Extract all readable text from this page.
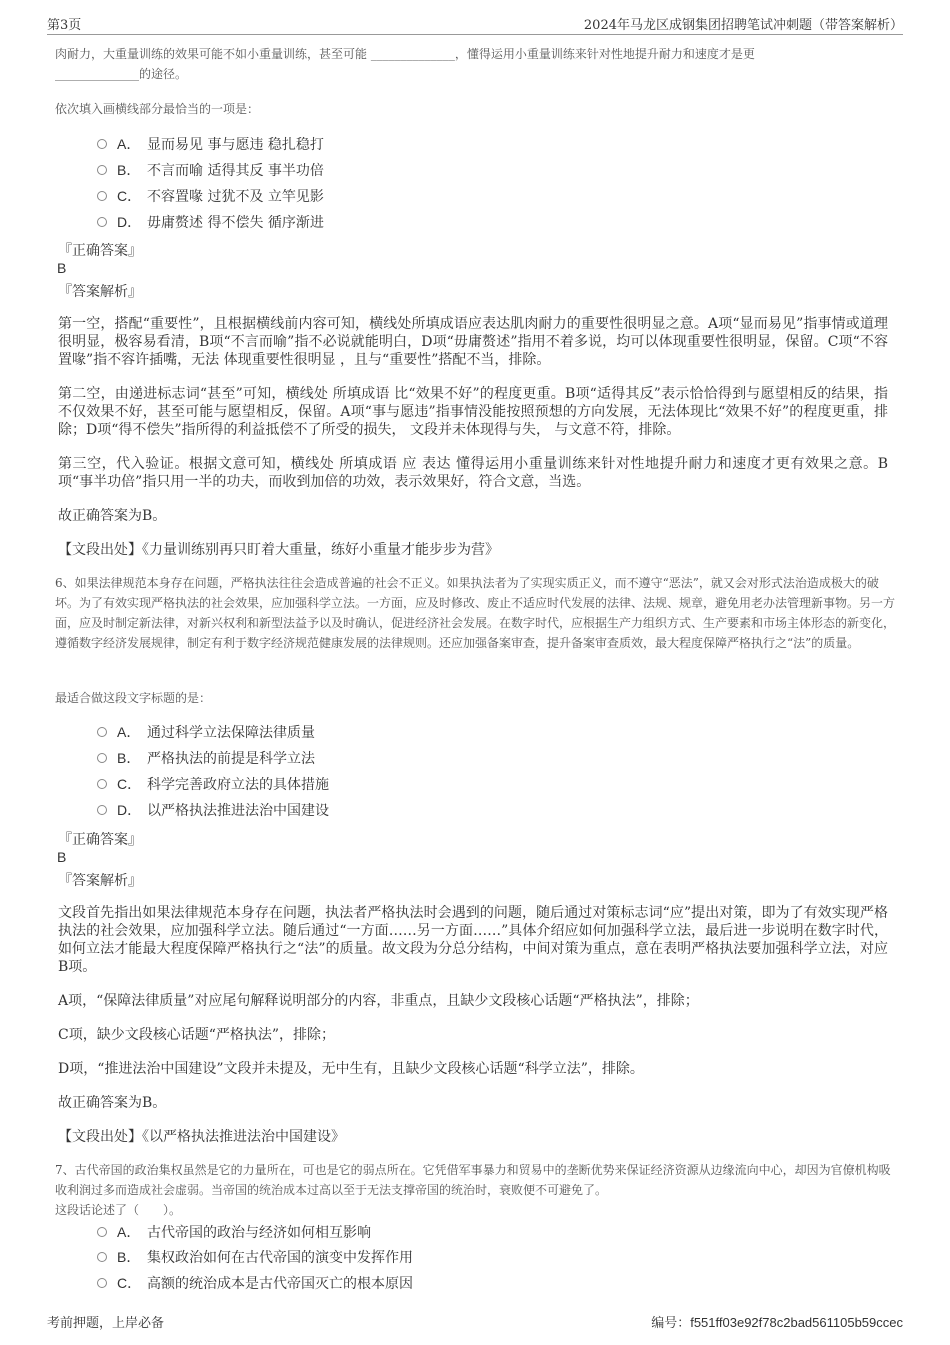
第3页	2024年马龙区成钢集团招聘笔试冲刺题（带答案解析）
肉耐力，大重量训练的效果可能不如小重量训练，甚至可能 ______________，懂得运用小重量训练来针对性地提升耐力和速度才是更
______________的途径。
依次填入画横线部分最恰当的一项是：
A． 显而易见 事与愿违 稳扎稳打
B． 不言而喻 适得其反 事半功倍
C． 不容置喙 过犹不及 立竿见影
D． 毋庸赘述 得不偿失 循序渐进
『正确答案』
B
『答案解析』
第一空，搭配“重要性”，且根据横线前内容可知，横线处所填成语应表达肌肉耐力的重要性很明显之意。A项“显而易见”指事情或道理很明显，极容易看清，B项“不言而喻”指不必说就能明白，D项“毋庸赘述”指用不着多说，均可以体现重要性很明显，保留。C项“不容置喙”指不容许插嘴，无法 体现重要性很明显 ，且与“重要性”搭配不当，排除。
第二空，由递进标志词“甚至”可知，横线处 所填成语 比“效果不好”的程度更重。B项“适得其反”表示恰恰得到与愿望相反的结果，指不仅效果不好，甚至可能与愿望相反，保留。A项“事与愿违”指事情没能按照预想的方向发展，无法体现比“效果不好”的程度更重，排除；D项“得不偿失”指所得的利益抵偿不了所受的损失， 文段并未体现得与失， 与文意不符，排除。
第三空，代入验证。根据文意可知，横线处 所填成语 应 表达 懂得运用小重量训练来针对性地提升耐力和速度才更有效果之意。B项“事半功倍”指只用一半的功夫，而收到加倍的功效，表示效果好，符合文意，当选。
故正确答案为B。
【文段出处】《力量训练别再只盯着大重量，练好小重量才能步步为营》
6、如果法律规范本身存在问题，严格执法往往会造成普遍的社会不正义。如果执法者为了实现实质正义，而不遵守“恶法”，就又会对形式法治造成极大的破坏。为了有效实现严格执法的社会效果，应加强科学立法。一方面，应及时修改、废止不适应时代发展的法律、法规、规章，避免用老办法管理新事物。另一方面，应及时制定新法律，对新兴权利和新型法益予以及时确认，促进经济社会发展。在数字时代，应根据生产力组织方式、生产要素和市场主体形态的新变化，遵循数字经济发展规律，制定有利于数字经济规范健康发展的法律规则。还应加强备案审查，提升备案审查质效，最大程度保障严格执行之“法”的质量。
最适合做这段文字标题的是：
A． 通过科学立法保障法律质量
B． 严格执法的前提是科学立法
C． 科学完善政府立法的具体措施
D． 以严格执法推进法治中国建设
『正确答案』
B
『答案解析』
文段首先指出如果法律规范本身存在问题，执法者严格执法时会遇到的问题，随后通过对策标志词“应”提出对策，即为了有效实现严格执法的社会效果，应加强科学立法。随后通过“一方面……另一方面……”具体介绍应如何加强科学立法，最后进一步说明在数字时代，如何立法才能最大程度保障严格执行之“法”的质量。故文段为分总分结构，中间对策为重点，意在表明严格执法要加强科学立法，对应B项。
A项，“保障法律质量”对应尾句解释说明部分的内容，非重点，且缺少文段核心话题“严格执法”，排除；
C项，缺少文段核心话题“严格执法”，排除；
D项，“推进法治中国建设”文段并未提及，无中生有，且缺少文段核心话题“科学立法”，排除。
故正确答案为B。
【文段出处】《以严格执法推进法治中国建设》
7、古代帝国的政治集权虽然是它的力量所在，可也是它的弱点所在。它凭借军事暴力和贸易中的垄断优势来保证经济资源从边缘流向中心，却因为官僚机构吸收利润过多而造成社会虚弱。当帝国的统治成本过高以至于无法支撑帝国的统治时，衰败便不可避免了。
这段话论述了（　　）。
A． 古代帝国的政治与经济如何相互影响
B． 集权政治如何在古代帝国的演变中发挥作用
C． 高额的统治成本是古代帝国灭亡的根本原因
考前押题，上岸必备	编号：f551ff03e92f78c2bad561105b59ccec
